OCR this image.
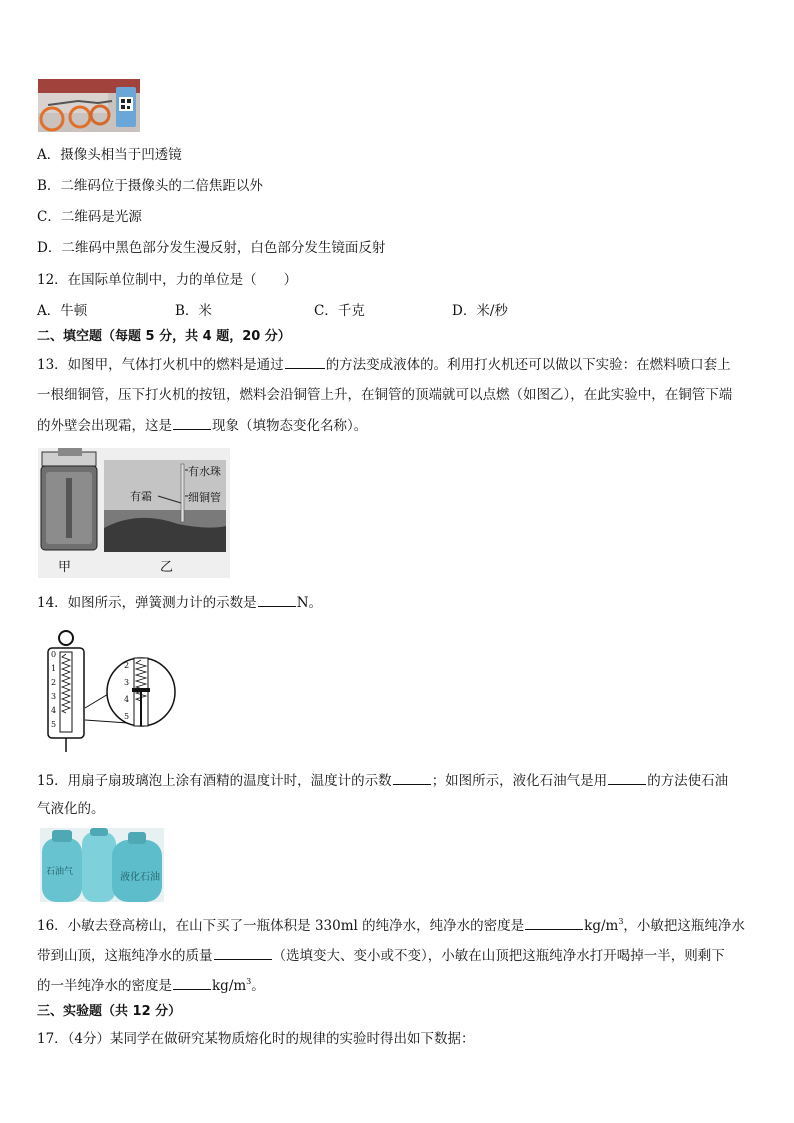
A．摄像头相当于凹透镜
B．二维码位于摄像头的二倍焦距以外
C．二维码是光源
D．二维码中黑色部分发生漫反射，白色部分发生镜面反射
12．在国际单位制中，力的单位是（　　）
A．牛顿	B．米	C．千克	D．米/秒
二、填空题（每题 5 分，共 4 题，20 分）
13．如图甲，气体打火机中的燃料是通过	的方法变成液体的。利用打火机还可以做以下实验：在燃料喷口套上
一根细铜管，压下打火机的按钮，燃料会沿铜管上升，在铜管的顶端就可以点燃（如图乙），在此实验中，在铜管下端
的外壁会出现霜，这是	现象（填物态变化名称）。
有水珠
有霜	细铜管
甲	乙
14．如图所示，弹簧测力计的示数是	N。
0
1
2
3
4
5
2
3
4
5
15．用扇子扇玻璃泡上涂有酒精的温度计时，温度计的示数	；如图所示，液化石油气是用	的方法使石油
气液化的。
石油气	液化石油
16．小敏去登高榜山，在山下买了一瓶体积是 330ml 的纯净水，纯净水的密度是	$kg/m^3$，小敏把这瓶纯净水
带到山顶，这瓶纯净水的质量	（选填变大、变小或不变），小敏在山顶把这瓶纯净水打开喝掉一半，则剩下
的一半纯净水的密度是	$kg/m^3$。
三、实验题（共 12 分）
17．（4分）某同学在做研究某物质熔化时的规律的实验时得出如下数据：
